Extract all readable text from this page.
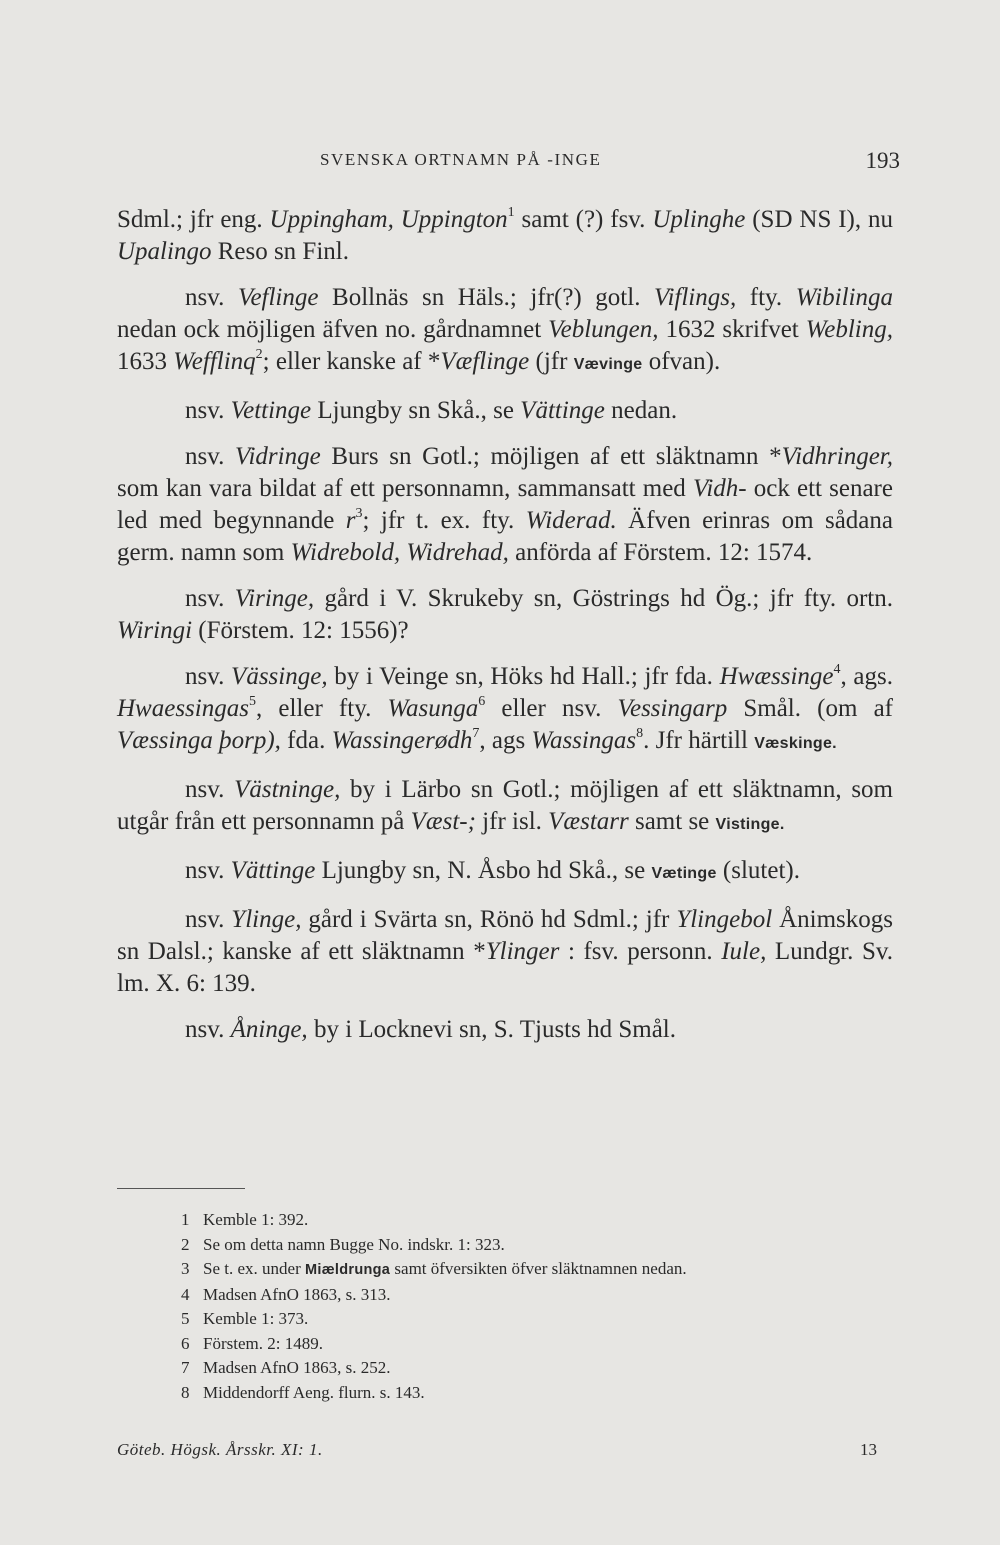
SVENSKA ORTNAMN PÅ -INGE	193

Sdml.; jfr eng. Uppingham, Uppington$^1$ samt (?) fsv. Uplinghe (SD NS I), nu Upalingo Reso sn Finl.

nsv. Veflinge Bollnäs sn Häls.; jfr(?) gotl. Viflings, fty. Wibilinga nedan ock möjligen äfven no. gårdnamnet Veblungen, 1632 skrifvet Webling, 1633 Wefflinq$^2$; eller kanske af *Væflinge (jfr Vævinge ofvan).

nsv. Vettinge Ljungby sn Skå., se Vättinge nedan.

nsv. Vidringe Burs sn Gotl.; möjligen af ett släktnamn *Vidhringer, som kan vara bildat af ett personnamn, sammansatt med Vidh- ock ett senare led med begynnande $r^3$; jfr t. ex. fty. Widerad. Äfven erinras om sådana germ. namn som Widrebold, Widrehad, anförda af Förstem. 12: 1574.

nsv. Viringe, gård i V. Skrukeby sn, Göstrings hd Ög.; jfr fty. ortn. Wiringi (Förstem. 12: 1556)?

nsv. Vässinge, by i Veinge sn, Höks hd Hall.; jfr fda. Hwæssinge$^4$, ags. Hwaessingas$^5$, eller fty. Wasunga$^6$ eller nsv. Vessingarp Smål. (om af Væssinga þorp), fda. Wassingerødh$^7$, ags Wassingas$^8$. Jfr härtill Væskinge.

nsv. Västninge, by i Lärbo sn Gotl.; möjligen af ett släktnamn, som utgår från ett personnamn på Væst-; jfr isl. Væstarr samt se Vistinge.

nsv. Vättinge Ljungby sn, N. Åsbo hd Skå., se Vætinge (slutet).

nsv. Ylinge, gård i Svärta sn, Rönö hd Sdml.; jfr Ylingebol Ånimskogs sn Dalsl.; kanske af ett släktnamn *Ylinger : fsv. personn. Iule, Lundgr. Sv. lm. X. 6: 139.

nsv. Åninge, by i Locknevi sn, S. Tjusts hd Smål.

1 Kemble 1: 392.
2 Se om detta namn Bugge No. indskr. 1: 323.
3 Se t. ex. under Miældrunga samt öfversikten öfver släktnamnen nedan.
4 Madsen AfnO 1863, s. 313.
5 Kemble 1: 373.
6 Förstem. 2: 1489.
7 Madsen AfnO 1863, s. 252.
8 Middendorff Aeng. flurn. s. 143.
Göteb. Högsk. Årsskr. XI: 1.	13
